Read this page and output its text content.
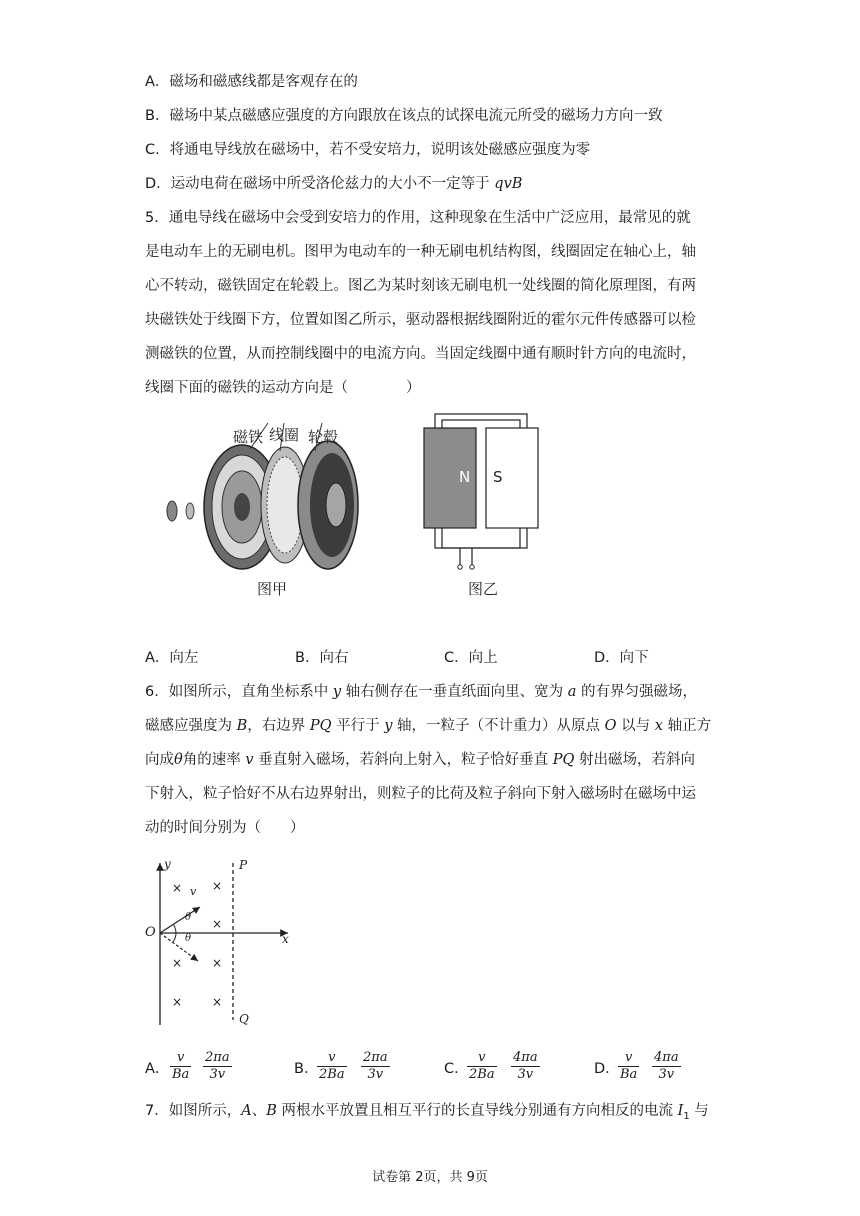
A．磁场和磁感线都是客观存在的
B．磁场中某点磁感应强度的方向跟放在该点的试探电流元所受的磁场力方向一致
C．将通电导线放在磁场中，若不受安培力，说明该处磁感应强度为零
D．运动电荷在磁场中所受洛伦兹力的大小不一定等于 qvB
5．通电导线在磁场中会受到安培力的作用，这种现象在生活中广泛应用，最常见的就
是电动车上的无刷电机。图甲为电动车的一种无刷电机结构图，线圈固定在轴心上，轴
心不转动，磁铁固定在轮毂上。图乙为某时刻该无刷电机一处线圈的简化原理图，有两
块磁铁处于线圈下方，位置如图乙所示，驱动器根据线圈附近的霍尔元件传感器可以检
测磁铁的位置，从而控制线圈中的电流方向。当固定线圈中通有顺时针方向的电流时，
线圈下面的磁铁的运动方向是（　　　　）
磁铁 线圈 轮毂
图甲
N S
图乙
A．向左	B．向右	C．向上	D．向下
6．如图所示，直角坐标系中 y 轴右侧存在一垂直纸面向里、宽为 a 的有界匀强磁场，
磁感应强度为 B，右边界 PQ 平行于 y 轴，一粒子（不计重力）从原点 O 以与 x 轴正方
向成θ角的速率 v 垂直射入磁场，若斜向上射入，粒子恰好垂直 PQ 射出磁场，若斜向
下射入，粒子恰好不从右边界射出，则粒子的比荷及粒子斜向下射入磁场时在磁场中运
动的时间分别为（　　）
y
x
O
P
Q
v
θ
θ
× ×
×
× ×
× ×
A． $\frac{v}{Ba} \frac{2\pi a}{3v}$	B．
$\frac{v}{2Ba} \frac{2\pi a}{3v}$	C．
$\frac{v}{2Ba} \frac{4\pi a}{3v}$	D．
$\frac{v}{Ba} \frac{4\pi a}{3v}$
7．如图所示，A、B 两根水平放置且相互平行的长直导线分别通有方向相反的电流 $I_1$ 与
试卷第 2页，共 9页
